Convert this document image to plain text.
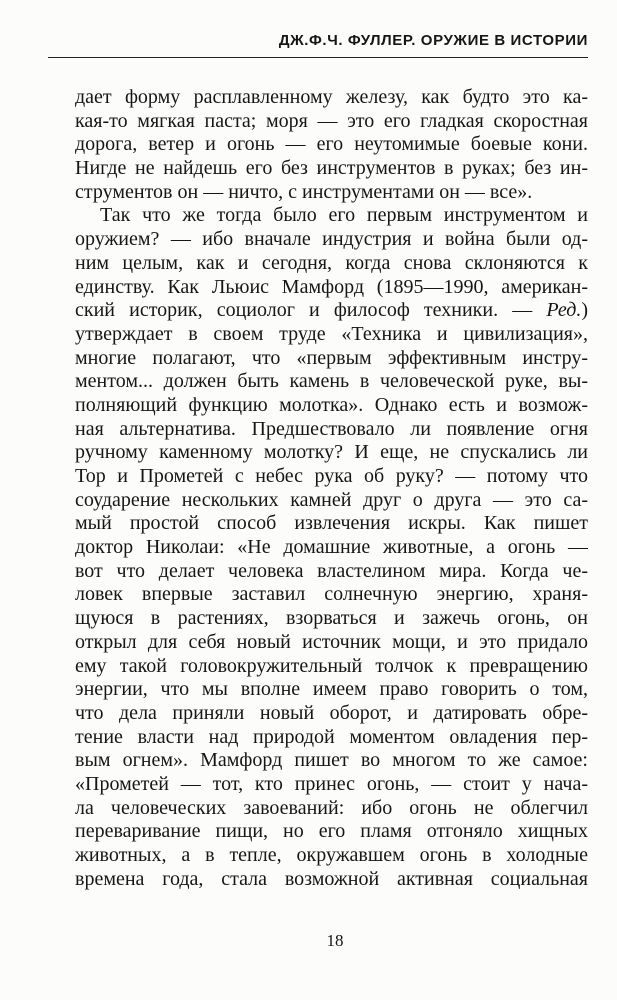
ДЖ.Ф.Ч. ФУЛЛЕР. ОРУЖИЕ В ИСТОРИИ
дает форму расплавленному железу, как будто это ка-
кая-то мягкая паста; моря — это его гладкая скоростная
дорога, ветер и огонь — его неутомимые боевые кони.
Нигде не найдешь его без инструментов в руках; без ин-
струментов он — ничто, с инструментами он — все».
Так что же тогда было его первым инструментом и
оружием? — ибо вначале индустрия и война были од-
ним целым, как и сегодня, когда снова склоняются к
единству. Как Льюис Мамфорд (1895—1990, американ-
ский историк, социолог и философ техники. — Ред.)
утверждает в своем труде «Техника и цивилизация»,
многие полагают, что «первым эффективным инстру-
ментом... должен быть камень в человеческой руке, вы-
полняющий функцию молотка». Однако есть и возмож-
ная альтернатива. Предшествовало ли появление огня
ручному каменному молотку? И еще, не спускались ли
Тор и Прометей с небес рука об руку? — потому что
соударение нескольких камней друг о друга — это са-
мый простой способ извлечения искры. Как пишет
доктор Николаи: «Не домашние животные, а огонь —
вот что делает человека властелином мира. Когда че-
ловек впервые заставил солнечную энергию, храня-
щуюся в растениях, взорваться и зажечь огонь, он
открыл для себя новый источник мощи, и это придало
ему такой головокружительный толчок к превращению
энергии, что мы вполне имеем право говорить о том,
что дела приняли новый оборот, и датировать обре-
тение власти над природой моментом овладения пер-
вым огнем». Мамфорд пишет во многом то же самое:
«Прометей — тот, кто принес огонь, — стоит у нача-
ла человеческих завоеваний: ибо огонь не облегчил
переваривание пищи, но его пламя отгоняло хищных
животных, а в тепле, окружавшем огонь в холодные
времена года, стала возможной активная социальная
18
